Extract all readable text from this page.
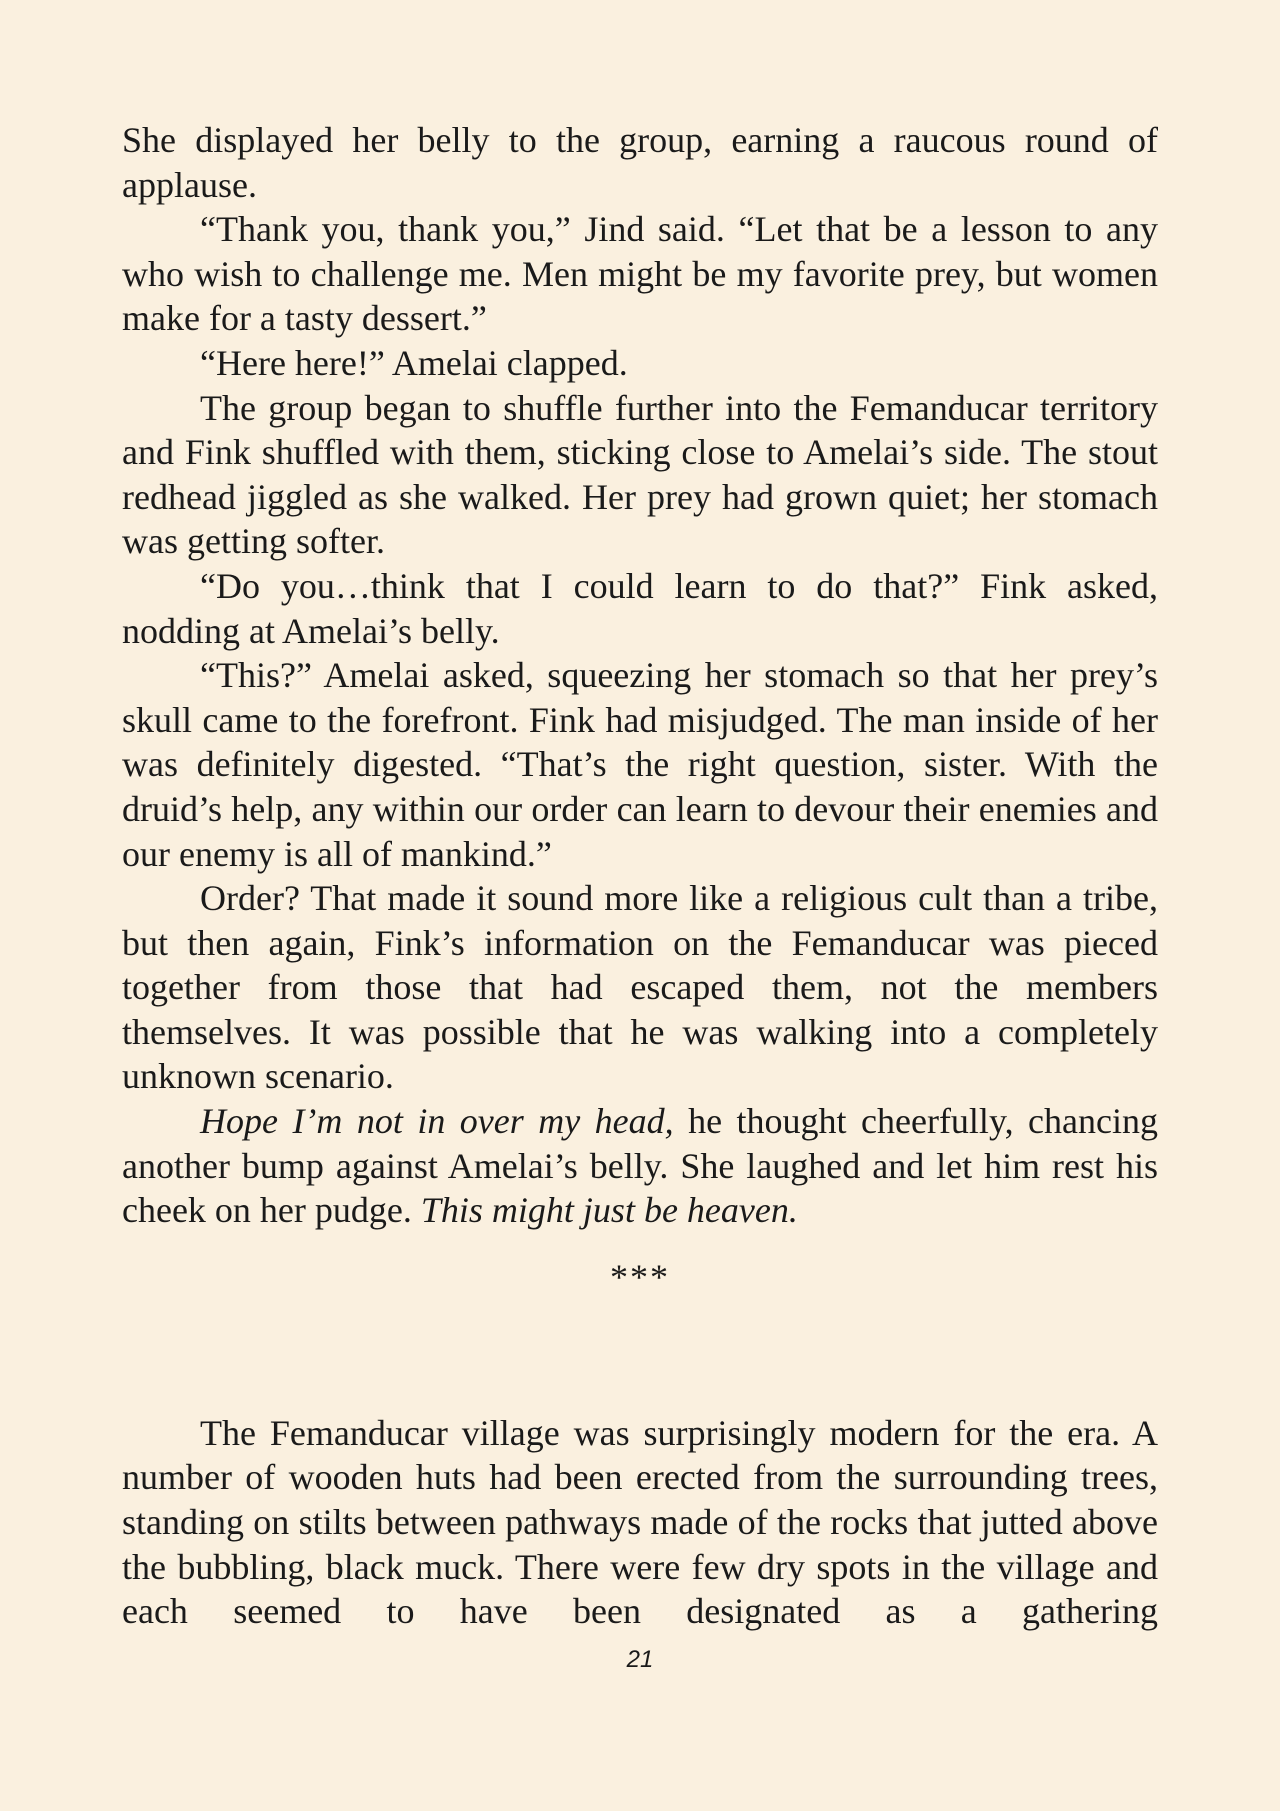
She displayed her belly to the group, earning a raucous round of applause.

“Thank you, thank you,” Jind said. “Let that be a lesson to any who wish to challenge me. Men might be my favorite prey, but women make for a tasty dessert.”

“Here here!” Amelai clapped.

The group began to shuffle further into the Femanducar territory and Fink shuffled with them, sticking close to Amelai’s side. The stout redhead jiggled as she walked. Her prey had grown quiet; her stomach was getting softer.

“Do you…think that I could learn to do that?” Fink asked, nodding at Amelai’s belly.

“This?” Amelai asked, squeezing her stomach so that her prey’s skull came to the forefront. Fink had misjudged. The man inside of her was definitely digested. “That’s the right question, sister. With the druid’s help, any within our order can learn to devour their enemies and our enemy is all of mankind.”

Order? That made it sound more like a religious cult than a tribe, but then again, Fink’s information on the Femanducar was pieced together from those that had escaped them, not the members themselves. It was possible that he was walking into a completely unknown scenario.

Hope I’m not in over my head, he thought cheerfully, chancing another bump against Amelai’s belly. She laughed and let him rest his cheek on her pudge. This might just be heaven.

***

The Femanducar village was surprisingly modern for the era. A number of wooden huts had been erected from the surrounding trees, standing on stilts between pathways made of the rocks that jutted above the bubbling, black muck. There were few dry spots in the village and each seemed to have been designated as a gathering

21
